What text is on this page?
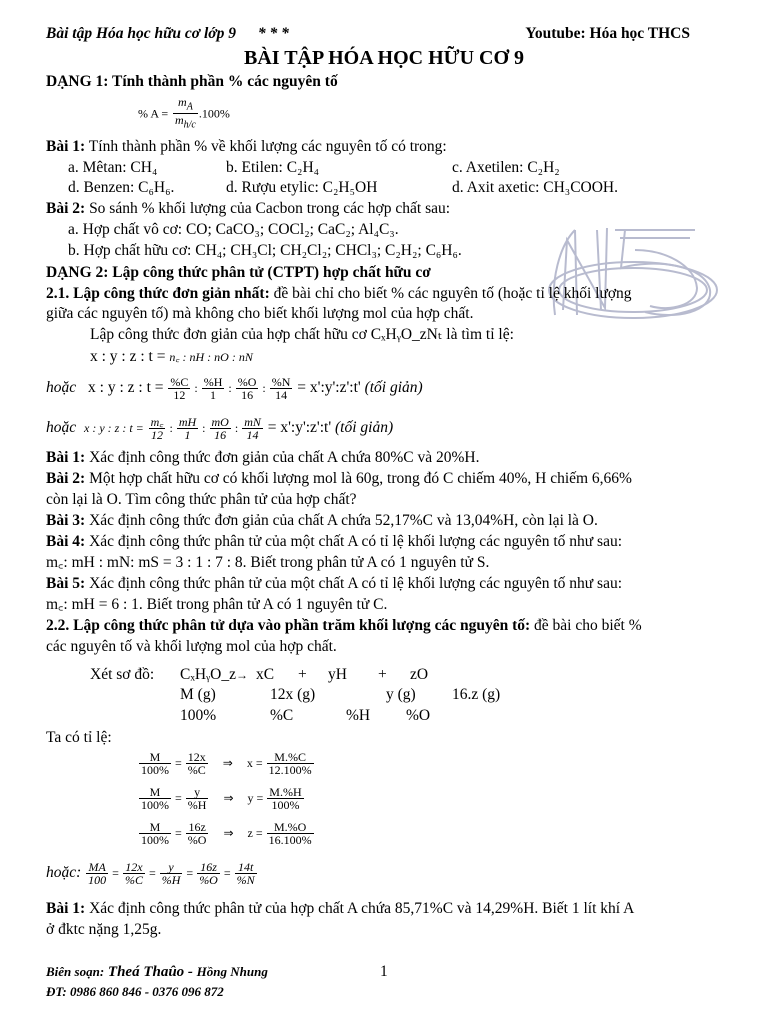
Bài tập Hóa học hữu cơ lớp 9 * * *	Youtube: Hóa học THCS
BÀI TẬP HÓA HỌC HỮU CƠ 9
DẠNG 1: Tính thành phần % các nguyên tố
% $A = \frac{m_A}{m_{h/c}} .100\%$
Bài 1: Tính thành phần % về khối lượng các nguyên tố có trong:
a. Mêtan: CH₄	b. Etilen: C₂H₄	c. Axetilen: C₂H₂
d. Benzen: C₆H₆.	d. Rượu etylic: C₂H₅OH	d. Axit axetic: CH₃COOH.
Bài 2: So sánh % khối lượng của Cacbon trong các hợp chất sau:
a. Hợp chất vô cơ: CO; CaCO₃; COCl₂; CaC₂; Al₄C₃.
b. Hợp chất hữu cơ: CH₄; CH₃Cl; CH₂Cl₂; CHCl₃; C₂H₂; C₆H₆.
DẠNG 2: Lập công thức phân tử (CTPT) hợp chất hữu cơ
2.1. Lập công thức đơn giản nhất: đề bài chỉ cho biết % các nguyên tố (hoặc tỉ lệ khối lượng
giữa các nguyên tố) mà không cho biết khối lượng mol của hợp chất.
Lập công thức đơn giản của hợp chất hữu cơ CₓHᵧO_zNₜ là tìm tỉ lệ:
x : y : z : t = n꜀ : nH : nO : nN
hoặc x : y : z : $t = \frac{\%C}{12}$ : $\frac{\%H}{1}$ : $\frac{\%O}{16}$ : $\frac{\%N}{14}$ = x':y':z':t' (tối giản)
hoặc x : y : z : $t = \frac{m꜀}{12}$ : $\frac{mH}{1}$ : $\frac{mO}{16}$ : $\frac{mN}{14}$ = x':y':z':t' (tối giản)
Bài 1: Xác định công thức đơn giản của chất A chứa 80%C và 20%H.
Bài 2: Một hợp chất hữu cơ có khối lượng mol là 60g, trong đó C chiếm 40%, H chiếm 6,66%
còn lại là O. Tìm công thức phân tử của hợp chất?
Bài 3: Xác định công thức đơn giản của chất A chứa 52,17%C và 13,04%H, còn lại là O.
Bài 4: Xác định công thức phân tử của một chất A có tỉ lệ khối lượng các nguyên tố như sau:
m꜀: mH : mN: mS = 3 : 1 : 7 : 8. Biết trong phân tử A có 1 nguyên tử S.
Bài 5: Xác định công thức phân tử của một chất A có tỉ lệ khối lượng các nguyên tố như sau:
m꜀: mH = 6 : 1. Biết trong phân tử A có 1 nguyên tử C.
2.2. Lập công thức phân tử dựa vào phần trăm khối lượng các nguyên tố: đề bài cho biết %
các nguyên tố và khối lượng mol của hợp chất.
Xét sơ đồ: CₓHᵧO_z → xC + yH + zO
M (g)	12x (g)	y (g) 16.z (g)
100%	%C	%H %O
Ta có tỉ lệ:
$\frac{M}{100\%} = \frac{12x}{\%C}$ ⇒ $x = \frac{M.\%C}{12.100\%}$
$\frac{M}{100\%} = \frac{y}{\%H}$ ⇒ $y = \frac{M.\%H}{100\%}$
$\frac{M}{100\%} = \frac{16z}{\%O}$ ⇒ $z = \frac{M.\%O}{16.100\%}$
hoặc: $\frac{MA}{100} = \frac{12x}{\%C} = \frac{y}{\%H} = \frac{16z}{\%O} = \frac{14t}{\%N}$
Bài 1: Xác định công thức phân tử của hợp chất A chứa 85,71%C và 14,29%H. Biết 1 lít khí A
ở đktc nặng 1,25g.
Biên soạn: Theá Thaûo - Hồng Nhung	1
ĐT: 0986 860 846 - 0376 096 872
